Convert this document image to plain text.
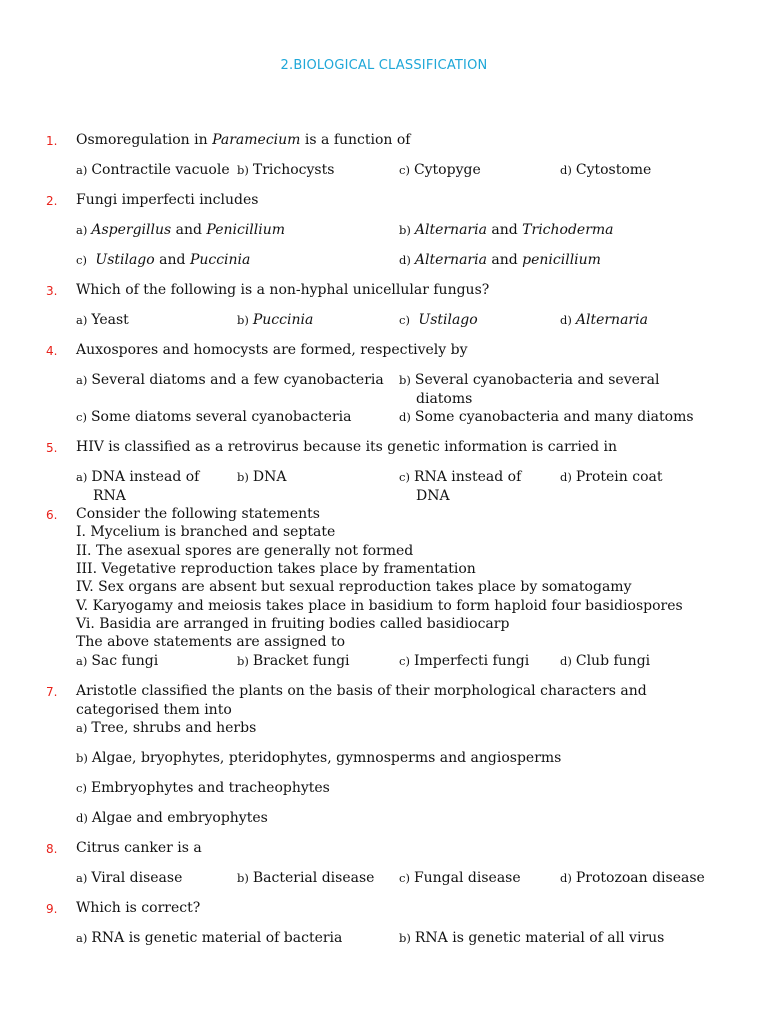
2.BIOLOGICAL CLASSIFICATION
1. Osmoregulation in Paramecium is a function of
a) Contractile vacuole b) Trichocysts	c) Cytopyge	d) Cytostome
2. Fungi imperfecti includes
a) Aspergillus and Penicillium	b) Alternaria and Trichoderma
c) Ustilago and Puccinia	d) Alternaria and penicillium
3. Which of the following is a non-hyphal unicellular fungus?
a) Yeast	b) Puccinia	c) Ustilago	d) Alternaria
4. Auxospores and homocysts are formed, respectively by
a) Several diatoms and a few cyanobacteria b) Several cyanobacteria and several
diatoms
c) Some diatoms several cyanobacteria	d) Some cyanobacteria and many diatoms
5. HIV is classified as a retrovirus because its genetic information is carried in
a) DNA instead of
RNA
b) DNA	c) RNA instead of
DNA
d) Protein coat
6. Consider the following statements
I. Mycelium is branched and septate
II. The asexual spores are generally not formed
III. Vegetative reproduction takes place by framentation
IV. Sex organs are absent but sexual reproduction takes place by somatogamy
V. Karyogamy and meiosis takes place in basidium to form haploid four basidiospores
Vi. Basidia are arranged in fruiting bodies called basidiocarp
The above statements are assigned to
a) Sac fungi	b) Bracket fungi	c) Imperfecti fungi	d) Club fungi
7. Aristotle classified the plants on the basis of their morphological characters and
categorised them into
a) Tree, shrubs and herbs
b) Algae, bryophytes, pteridophytes, gymnosperms and angiosperms
c) Embryophytes and tracheophytes
d) Algae and embryophytes
8. Citrus canker is a
a) Viral disease	b) Bacterial disease c) Fungal disease	d) Protozoan disease
9. Which is correct?
a) RNA is genetic material of bacteria	b) RNA is genetic material of all virus
